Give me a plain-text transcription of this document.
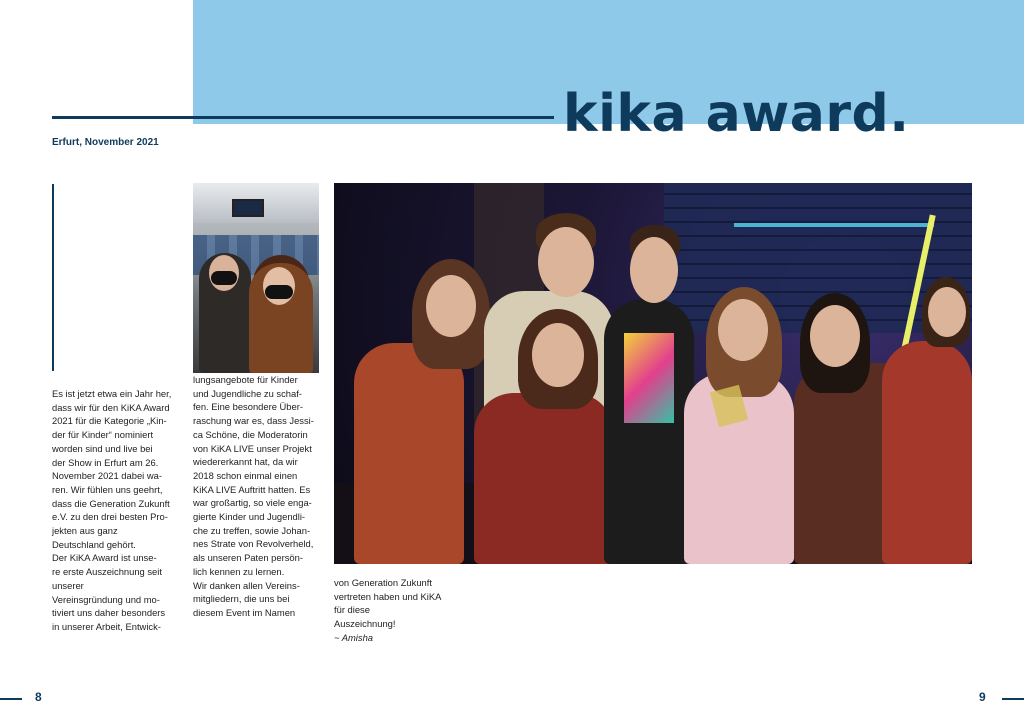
kika award.
Erfurt, November 2021

Es ist jetzt etwa ein Jahr her,

dass wir für den KiKA Award

2021 für die Kategorie „Kin-

der für Kinder“ nominiert

worden sind und live bei

der Show in Erfurt am 26.

November 2021 dabei wa-

ren. Wir fühlen uns geehrt,

dass die Generation Zukunft

e.V. zu den drei besten Pro-

jekten aus ganz

Deutschland gehört.

Der KiKA Award ist unse-

re erste Auszeichnung seit

unserer

Vereinsgründung und mo-

tiviert uns daher besonders

in unserer Arbeit, Entwick-

lungsangebote für Kinder

und Jugendliche zu schaf-

fen. Eine besondere Über-

raschung war es, dass Jessi-

ca Schöne, die Moderatorin

von KiKA LIVE unser Projekt

wiedererkannt hat, da wir

2018 schon einmal einen

KiKA LIVE Auftritt hatten. Es

war großartig, so viele enga-

gierte Kinder und Jugendli-

che zu treffen, sowie Johan-

nes Strate von Revolverheld,

als unseren Paten persön-

lich kennen zu lernen.

Wir danken allen Vereins-

mitgliedern, die uns bei

diesem Event im Namen

von Generation Zukunft

vertreten haben und KiKA

für diese

Auszeichnung!

~ Amisha

8	9
